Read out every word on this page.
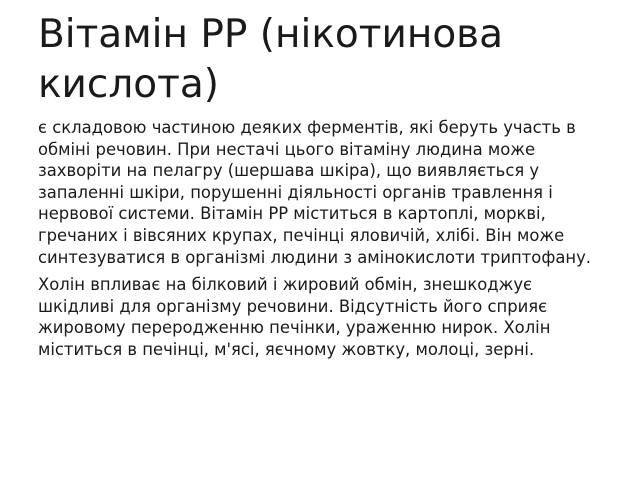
Вітамін РР (нікотинова кислота)

є складовою частиною деяких ферментів, які беруть участь в обміні речовин. При нестачі цього вітаміну людина може захворіти на пелагру (шершава шкіра), що виявляється у запаленні шкіри, порушенні діяльності органів травлення і нервової системи. Вітамін РР міститься в картоплі, моркві, гречаних і вівсяних крупах, печінці яловичій, хлібі. Він може синтезуватися в організмі людини з амінокислоти триптофану.

Холін впливає на білковий і жировий обмін, знешкоджує шкідливі для організму речовини. Відсутність його сприяє жировому переродженню печінки, ураженню нирок. Холін міститься в печінці, м'ясі, яєчному жовтку, молоці, зерні.
